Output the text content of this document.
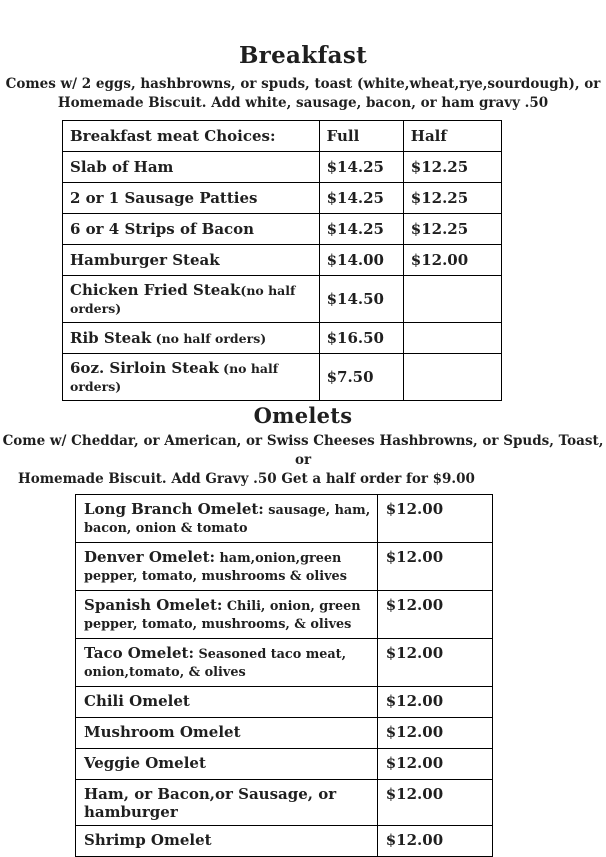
Breakfast
Comes w/ 2 eggs, hashbrowns, or spuds, toast (white,wheat,rye,sourdough), or
Homemade Biscuit. Add white, sausage, bacon, or ham gravy .50
Breakfast meat Choices:	Full	Half
Slab of Ham	$14.25	$12.25
2 or 1 Sausage Patties	$14.25	$12.25
6 or 4 Strips of Bacon	$14.25	$12.25
Hamburger Steak	$14.00	$12.00
Chicken Fried Steak(no half orders)	$14.50	
Rib Steak (no half orders)	$16.50	
6oz. Sirloin Steak (no half orders)	$7.50	
Omelets
Come w/ Cheddar, or American, or Swiss Cheeses Hashbrowns, or Spuds, Toast, or
Homemade Biscuit. Add Gravy .50 Get a half order for $9.00
Long Branch Omelet: sausage, ham, bacon, onion & tomato	$12.00
Denver Omelet: ham,onion,green pepper, tomato, mushrooms & olives	$12.00
Spanish Omelet: Chili, onion, green pepper, tomato, mushrooms, & olives	$12.00
Taco Omelet: Seasoned taco meat, onion,tomato, & olives	$12.00
Chili Omelet	$12.00
Mushroom Omelet	$12.00
Veggie Omelet	$12.00
Ham, or Bacon,or Sausage, or hamburger	$12.00
Shrimp Omelet	$12.00
